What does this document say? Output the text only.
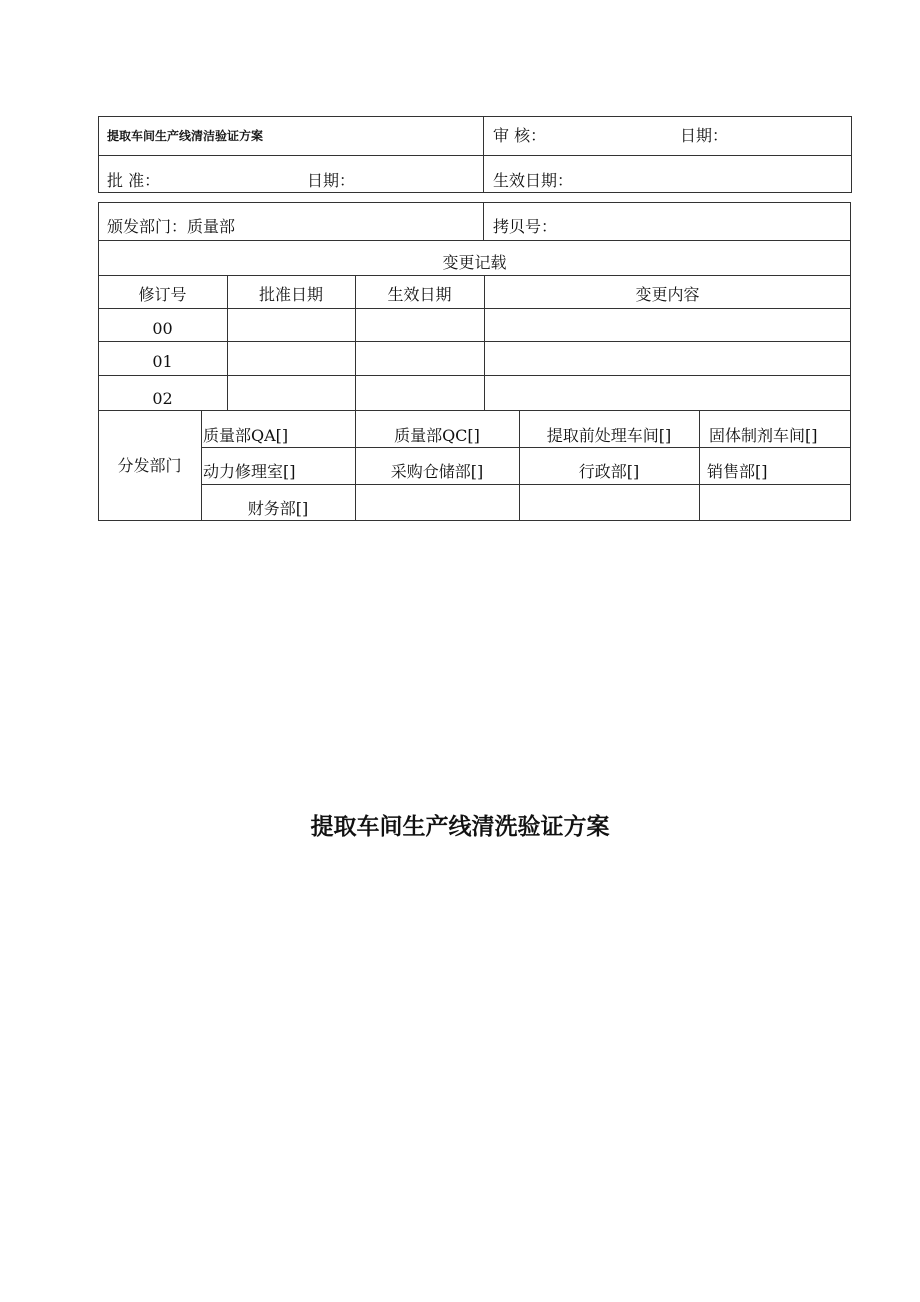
提取车间生产线清洁验证方案	审 核：	日期：
批 准：	日期：	生效日期：
颁发部门：质量部	拷贝号：
变更记载
修订号	批准日期	生效日期	变更内容
00
01
02
分发部门
质量部QA[]	质量部QC[]	提取前处理车间[]	固体制剂车间[]
动力修理室[]	采购仓储部[]	行政部[]	销售部[]
财务部[]
提取车间生产线清洗验证方案
